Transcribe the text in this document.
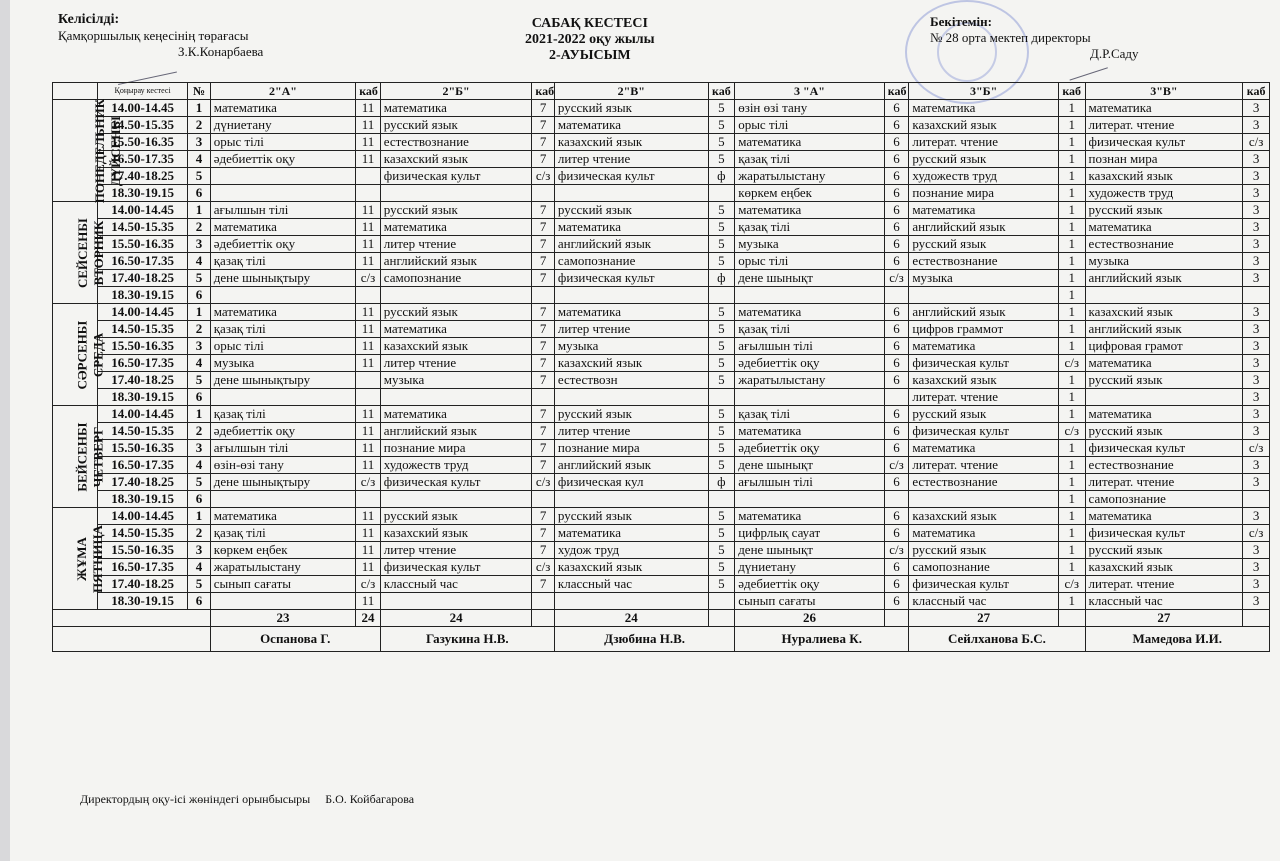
Келісілді:
Қамқоршылық кеңесінің төрағасы
З.К.Конарбаева
САБАҚ КЕСТЕСІ
2021-2022 оқу жылы
2-АУЫСЫМ
Бекітемін:
№ 28 орта мектеп директоры
Д.Р.Саду
	Қоңырау кестесі	№	2"А"	каб	2"Б"	каб	2"В"	каб	3 "А"	каб	3"Б"	каб	3"В"	каб
ПОНЕДЕЛЬНИК
ДҮЙСЕНБІ	14.00-14.45	1	математика	11	математика	7	русский язык	5	өзін өзі тану	6	математика	1	математика	3
	14.50-15.35	2	дүниетану	11	русский язык	7	математика	5	орыс тілі	6	казахский язык	1	литерат. чтение	3
	15.50-16.35	3	орыс тілі	11	естествознание	7	казахский язык	5	математика	6	литерат. чтение	1	физическая культ	с/з
	16.50-17.35	4	әдебиеттік оқу	11	казахский язык	7	литер чтение	5	қазақ тілі	6	русский язык	1	познан мира	3
	17.40-18.25	5			физическая культ	с/з	физическая культ	ф	жаратылыстану	6	художеств труд	1	казахский язык	3
	18.30-19.15	6							көркем еңбек	6	познание мира	1	художеств труд	3
СЕЙСЕНБІ
ВТОРНИК	14.00-14.45	1	ағылшын тілі	11	русский язык	7	русский язык	5	математика	6	математика	1	русский язык	3
	14.50-15.35	2	математика	11	математика	7	математика	5	қазақ тілі	6	английский язык	1	математика	3
	15.50-16.35	3	әдебиеттік оқу	11	литер чтение	7	английский язык	5	музыка	6	русский язык	1	естествознание	3
	16.50-17.35	4	қазақ тілі	11	английский язык	7	самопознание	5	орыс тілі	6	естествознание	1	музыка	3
	17.40-18.25	5	дене шынықтыру	с/з	самопознание	7	физическая культ	ф	дене шынықт	с/з	музыка	1	английский язык	3
	18.30-19.15	6										1		
СӘРСЕНБІ
СРЕДА	14.00-14.45	1	математика	11	русский язык	7	математика	5	математика	6	английский язык	1	казахский язык	3
	14.50-15.35	2	қазақ тілі	11	математика	7	литер чтение	5	қазақ тілі	6	цифров граммот	1	английский язык	3
	15.50-16.35	3	орыс тілі	11	казахский язык	7	музыка	5	ағылшын тілі	6	математика	1	цифровая грамот	3
	16.50-17.35	4	музыка	11	литер чтение	7	казахский язык	5	әдебиеттік оқу	6	физическая культ	с/з	математика	3
	17.40-18.25	5	дене шынықтыру		музыка	7	естествозн	5	жаратылыстану	6	казахский язык	1	русский язык	3
	18.30-19.15	6									литерат. чтение	1		3
БЕЙСЕНБІ
ЧЕТВЕРГ	14.00-14.45	1	қазақ тілі	11	математика	7	русский язык	5	қазақ тілі	6	русский язык	1	математика	3
	14.50-15.35	2	әдебиеттік оқу	11	английский язык	7	литер чтение	5	математика	6	физическая культ	с/з	русский язык	3
	15.50-16.35	3	ағылшын тілі	11	познание мира	7	познание мира	5	әдебиеттік оқу	6	математика	1	физическая культ	с/з
	16.50-17.35	4	өзін-өзі тану	11	художеств труд	7	английский язык	5	дене шынықт	с/з	литерат. чтение	1	естествознание	3
	17.40-18.25	5	дене шынықтыру	с/з	физическая культ	с/з	физическая кул	ф	ағылшын тілі	6	естествознание	1	литерат. чтение	3
	18.30-19.15	6										1	самопознание	
ЖҰМА
ПЯТНИЦА	14.00-14.45	1	математика	11	русский язык	7	русский язык	5	математика	6	казахский язык	1	математика	3
	14.50-15.35	2	қазақ тілі	11	казахский язык	7	математика	5	цифрлық сауат	6	математика	1	физическая культ	с/з
	15.50-16.35	3	көркем еңбек	11	литер чтение	7	худож труд	5	дене шынықт	с/з	русский язык	1	русский язык	3
	16.50-17.35	4	жаратылыстану	11	физическая культ	с/з	казахский язык	5	дүниетану	6	самопознание	1	казахский язык	3
	17.40-18.25	5	сынып сағаты	с/з	классный час	7	классный час	5	әдебиеттік оқу	6	физическая культ	с/з	литерат. чтение	3
	18.30-19.15	6		11					сынып сағаты	6	классный час	1	классный час	3
			23	24	24		24		26		27		27	
			Оспанова Г.		Газукина Н.В.		Дзюбина Н.В.		Нуралиева К.		Сейлханова Б.С.		Мамедова И.И.	
Директордың оқу-ісі жөніндегі орынбысыры Б.О. Койбагарова
